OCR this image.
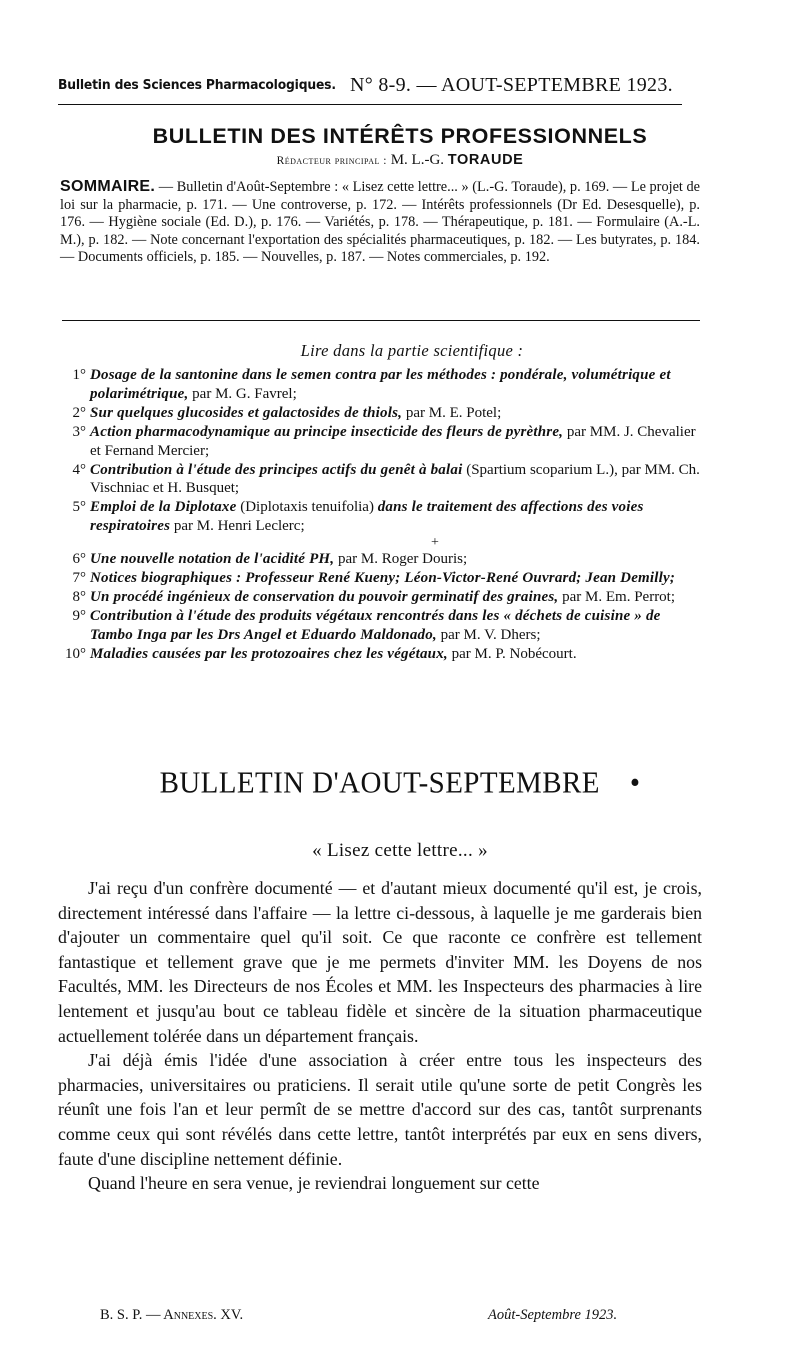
Bulletin des Sciences Pharmacologiques. N° 8-9. — AOUT-SEPTEMBRE 1923.
BULLETIN DES INTÉRÊTS PROFESSIONNELS
Rédacteur principal : M. L.-G. TORAUDE
SOMMAIRE. — Bulletin d'Août-Septembre : « Lisez cette lettre... » (L.-G. Toraude), p. 169. — Le projet de loi sur la pharmacie, p. 171. — Une controverse, p. 172. — Intérêts professionnels (Dr Ed. Desesquelle), p. 176. — Hygiène sociale (Ed. D.), p. 176. — Variétés, p. 178. — Thérapeutique, p. 181. — Formulaire (A.-L. M.), p. 182. — Note concernant l'exportation des spécialités pharmaceutiques, p. 182. — Les butyrates, p. 184. — Documents officiels, p. 185. — Nouvelles, p. 187. — Notes commerciales, p. 192.
Lire dans la partie scientifique :
1° Dosage de la santonine dans le semen contra par les méthodes : pondérale, volumétrique et polarimétrique, par M. G. Favrel;
2° Sur quelques glucosides et galactosides de thiols, par M. E. Potel;
3° Action pharmacodynamique au principe insecticide des fleurs de pyrèthre, par MM. J. Chevalier et Fernand Mercier;
4° Contribution à l'étude des principes actifs du genêt à balai (Spartium scoparium L.), par MM. Ch. Vischniac et H. Busquet;
5° Emploi de la Diplotaxe (Diplotaxis tenuifolia) dans le traitement des affections des voies respiratoires par M. Henri Leclerc;
+
6° Une nouvelle notation de l'acidité PH, par M. Roger Douris;
7° Notices biographiques : Professeur René Kueny; Léon-Victor-René Ouvrard; Jean Demilly;
8° Un procédé ingénieux de conservation du pouvoir germinatif des graines, par M. Em. Perrot;
9° Contribution à l'étude des produits végétaux rencontrés dans les « déchets de cuisine » de Tambo Inga par les Drs Angel et Eduardo Maldonado, par M. V. Dhers;
10° Maladies causées par les protozoaires chez les végétaux, par M. P. Nobécourt.
BULLETIN D'AOUT-SEPTEMBRE •
« Lisez cette lettre... »

J'ai reçu d'un confrère documenté — et d'autant mieux documenté qu'il est, je crois, directement intéressé dans l'affaire — la lettre ci-dessous, à laquelle je me garderais bien d'ajouter un commentaire quel qu'il soit. Ce que raconte ce confrère est tellement fantastique et tellement grave que je me permets d'inviter MM. les Doyens de nos Facultés, MM. les Directeurs de nos Écoles et MM. les Inspecteurs des pharmacies à lire lentement et jusqu'au bout ce tableau fidèle et sincère de la situation pharmaceutique actuellement tolérée dans un département français.

J'ai déjà émis l'idée d'une association à créer entre tous les inspecteurs des pharmacies, universitaires ou praticiens. Il serait utile qu'une sorte de petit Congrès les réunît une fois l'an et leur permît de se mettre d'accord sur des cas, tantôt surprenants comme ceux qui sont révélés dans cette lettre, tantôt interprétés par eux en sens divers, faute d'une discipline nettement définie.

Quand l'heure en sera venue, je reviendrai longuement sur cette

B. S. P. — Annexes. XV.	Août-Septembre 1923.
